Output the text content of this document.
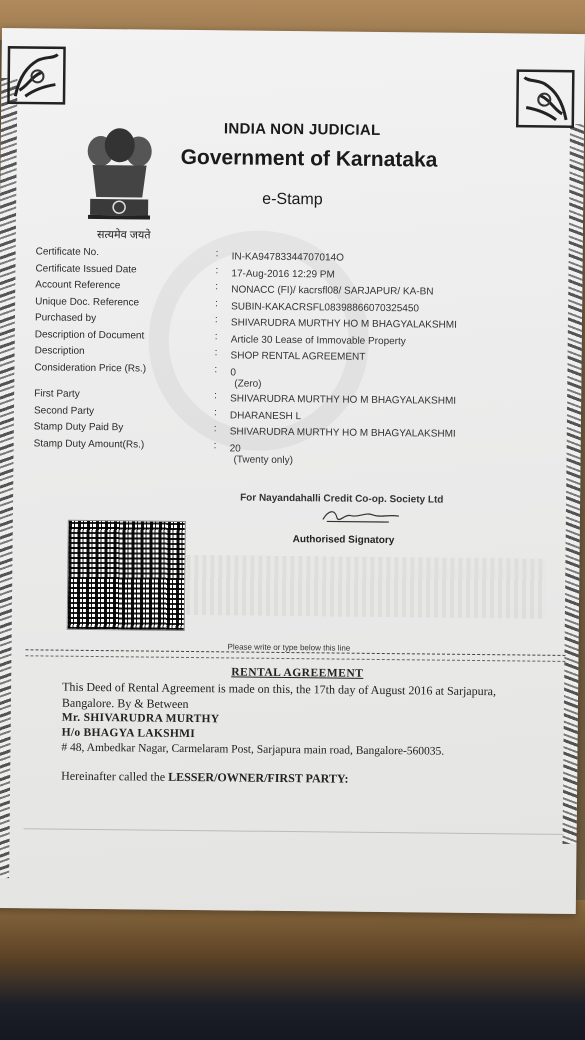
सत्यमेव जयते
INDIA NON JUDICIAL
Government of Karnataka
e-Stamp
Certificate No.	:	IN-KA94783344707014O
Certificate Issued Date	:	17-Aug-2016 12:29 PM
Account Reference	:	NONACC (FI)/ kacrsfl08/ SARJAPUR/ KA-BN
Unique Doc. Reference	:	SUBIN-KAKACRSFL08398866070325450
Purchased by	:	SHIVARUDRA MURTHY HO M BHAGYALAKSHMI
Description of Document	:	Article 30 Lease of Immovable Property
Description	:	SHOP RENTAL AGREEMENT
Consideration Price (Rs.)	:	0
(Zero)
First Party	:	SHIVARUDRA MURTHY HO M BHAGYALAKSHMI
Second Party	:	DHARANESH L
Stamp Duty Paid By	:	SHIVARUDRA MURTHY HO M BHAGYALAKSHMI
Stamp Duty Amount(Rs.)	:	20
(Twenty only)
For Nayandahalli Credit Co-op. Society Ltd
Authorised Signatory
Please write or type below this line
RENTAL AGREEMENT
This Deed of Rental Agreement is made on this, the 17th day of August 2016 at Sarjapura, Bangalore. By & Between
Mr. SHIVARUDRA MURTHY
H/o BHAGYA LAKSHMI
# 48, Ambedkar Nagar, Carmelaram Post, Sarjapura main road, Bangalore-560035.
Hereinafter called the LESSER/OWNER/FIRST PARTY:
